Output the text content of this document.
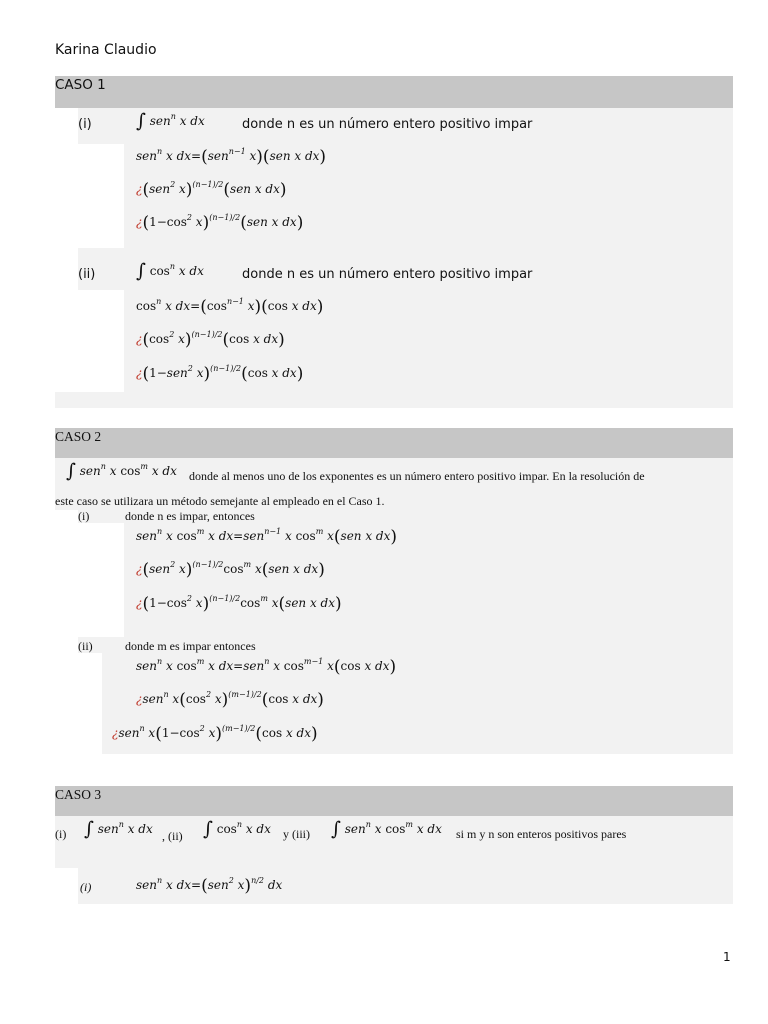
Karina Claudio
CASO 1
(i) ∫ sen$^n$ x dx	donde n es un número entero positivo impar
sen$^n$ x dx=(sen$^{n-1}$ x)(sen x dx)
¿(sen$^2$ x)$^{(n-1)/2}$(sen x dx)
¿($1-\cos^2$ x)$^{(n-1)/2}$(sen x dx)
(ii) ∫ $\cos^n x$ dx	donde n es un número entero positivo impar
$\cos^n x$ $dx=(\cos^{n-1}$ x)(cos x dx)
¿($\cos^2$ x)$^{(n-1)/2}$(cos x dx)
¿(1−sen$^2$ x)$^{(n-1)/2}$(cos x dx)
CASO 2
∫ sen$^n$ x $\cos^m x$ dx donde al menos uno de los exponentes es un número entero positivo impar. En la resolución de
este caso se utilizara un método semejante al empleado en el Caso 1.
(i)	donde n es impar, entonces
sen$^n$ x $\cos^m x$ dx=sen$^{n-1}$ x $\cos^m x(sen$ x dx)
¿(sen$^2$ $x)^{(n-1)/2}\cos^m$ x(sen x dx)
¿($1-\cos^2$ $x)^{(n-1)/2}\cos^m$ x(sen x dx)
(ii)	donde m es impar entonces
sen$^n$ x $\cos^m x$ dx=sen$^n$ x $\cos^{m-1} x(\cos$ x dx)
¿sen$^n$ $x(\cos^2$ x)$^{(m-1)/2}$(cos x dx)
¿sen$^n$ $x(1-\cos^2$ x)$^{(m-1)/2}$(cos x dx)
CASO 3
(i) ∫ sen$^n$ x dx , (ii) ∫ $\cos^n x$ dx y (iii) ∫ sen$^n$ x $\cos^m x$ dx si m y n son enteros positivos pares
(i)	sen$^n$ x dx=(sen$^2$ x)$^{n/2}$ dx
1
